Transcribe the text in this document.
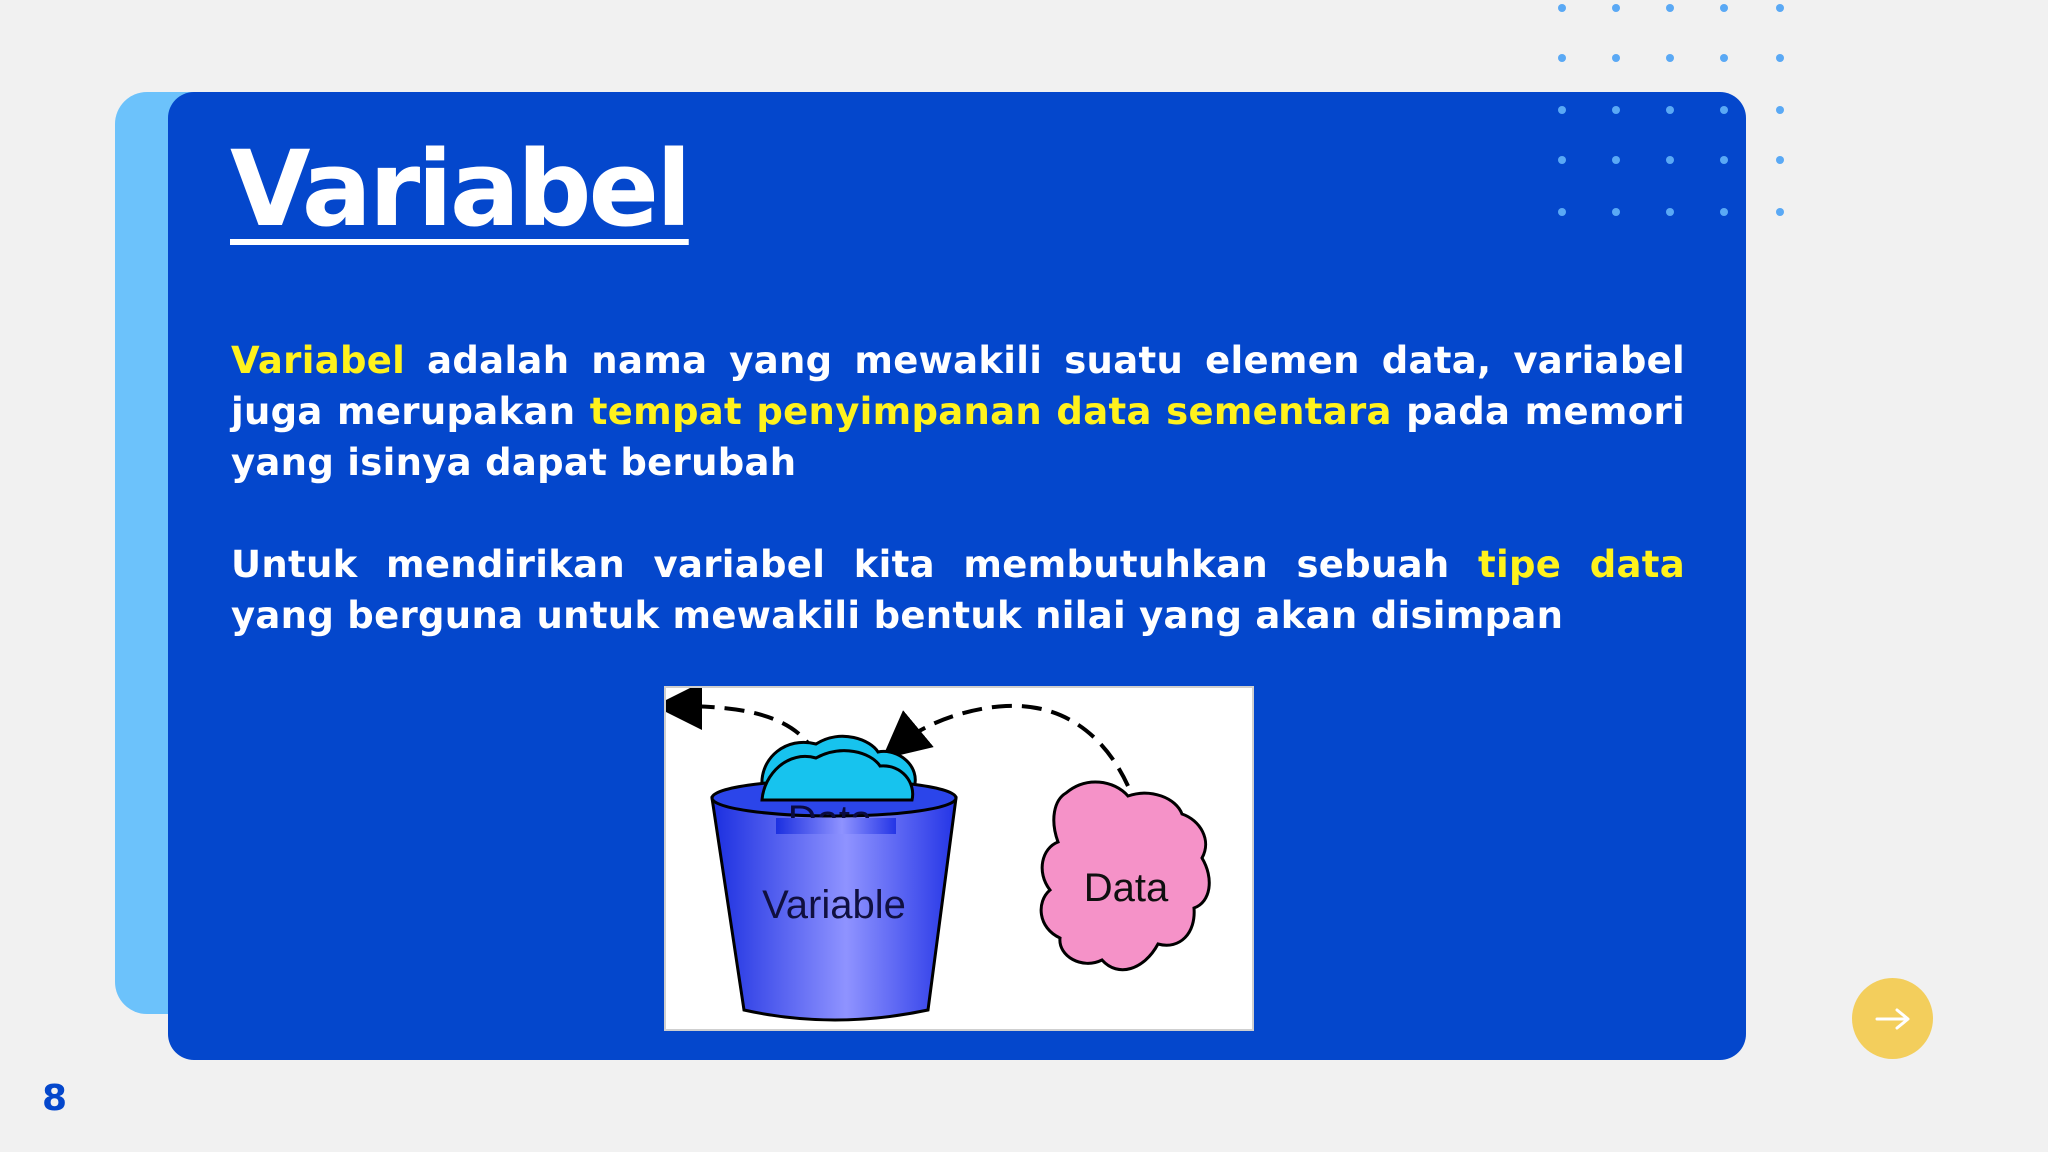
Variabel

Variabel adalah nama yang mewakili suatu elemen data, variabel juga merupakan tempat penyimpanan data sementara pada memori yang isinya dapat berubah

Untuk mendirikan variabel kita membutuhkan sebuah tipe data yang berguna untuk mewakili bentuk nilai yang akan disimpan

Variable	Data
8
